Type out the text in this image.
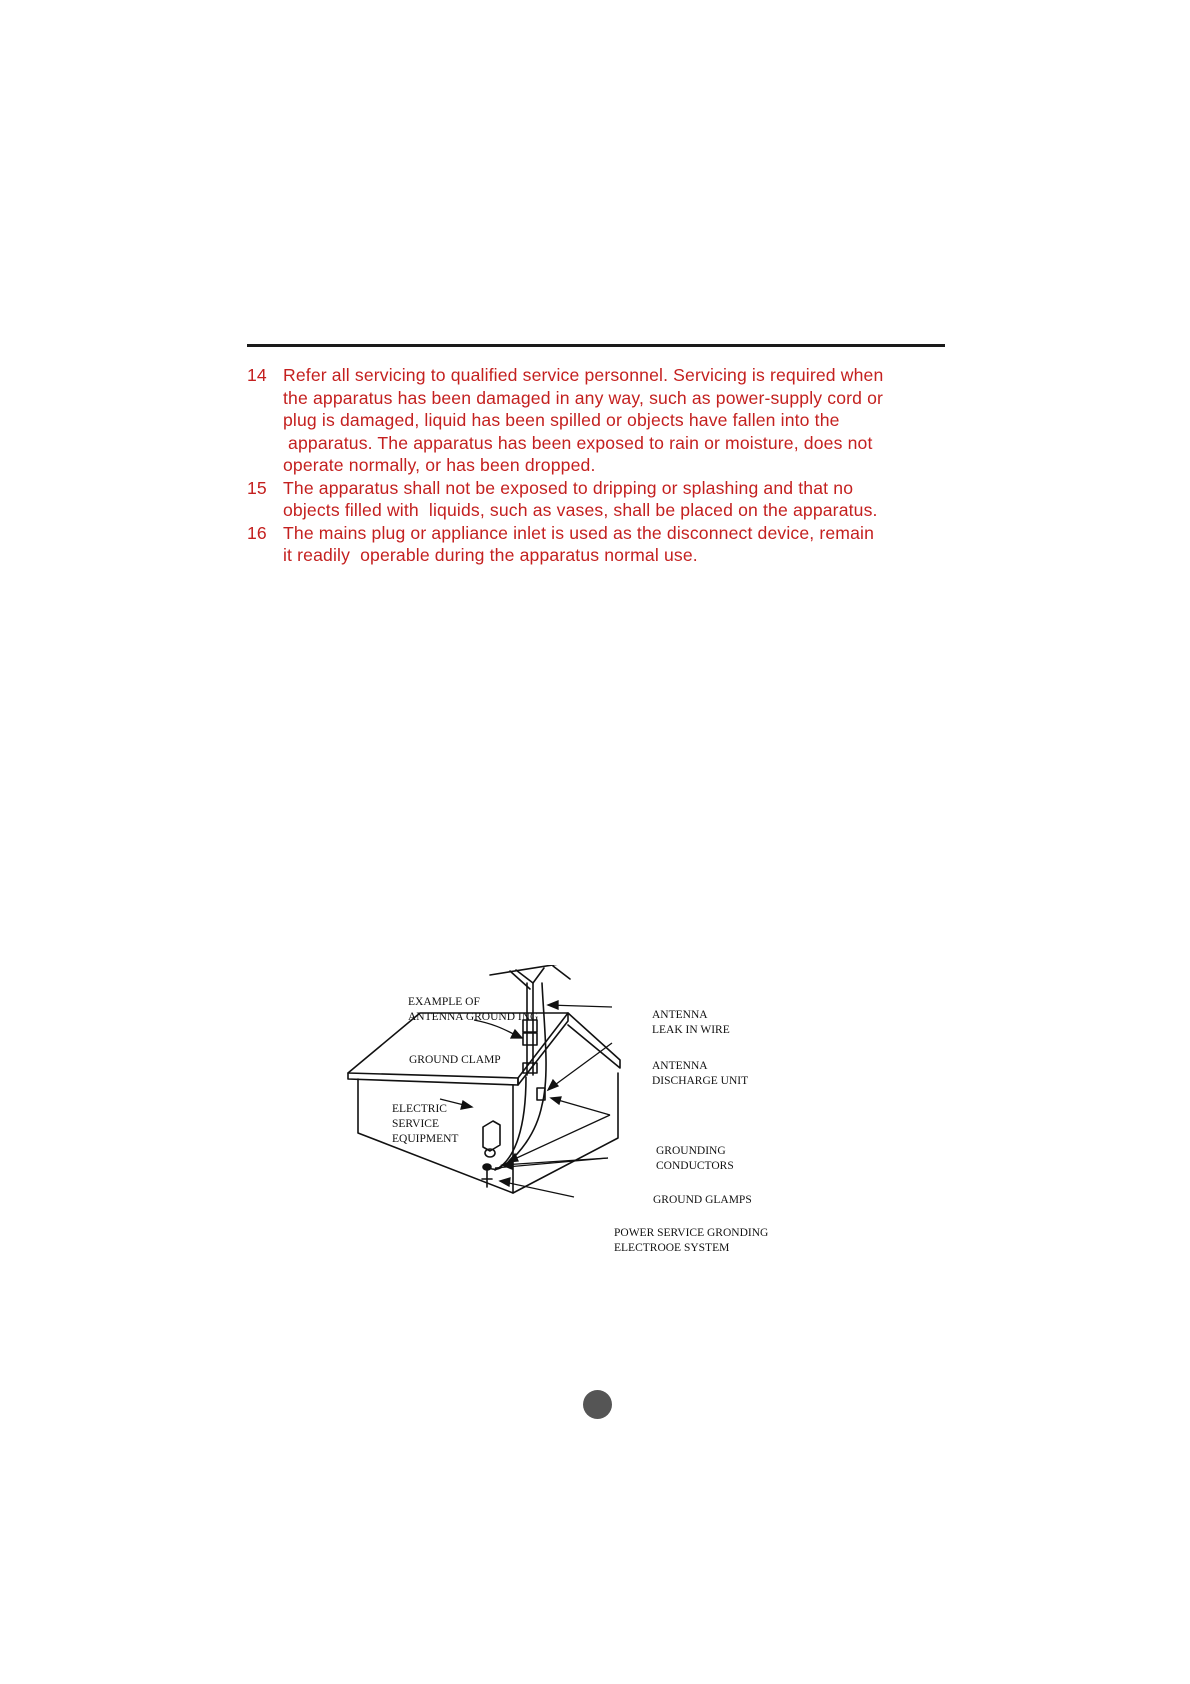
14 Refer all servicing to qualified service personnel. Servicing is required when
the apparatus has been damaged in any way, such as power-supply cord or
plug is damaged, liquid has been spilled or objects have fallen into the
apparatus. The apparatus has been exposed to rain or moisture, does not
operate normally, or has been dropped.
15 The apparatus shall not be exposed to dripping or splashing and that no
objects filled with  liquids, such as vases, shall be placed on the apparatus.
16 The mains plug or appliance inlet is used as the disconnect device, remain
it readily  operable during the apparatus normal use.
EXAMPLE OF
ANTENNA GROUND ING
GROUND CLAMP
ELECTRIC
SERVICE
EQUIPMENT
ANTENNA
LEAK IN WIRE
ANTENNA
DISCHARGE UNIT
GROUNDING
CONDUCTORS
GROUND GLAMPS
POWER SERVICE GRONDING
ELECTROOE SYSTEM
